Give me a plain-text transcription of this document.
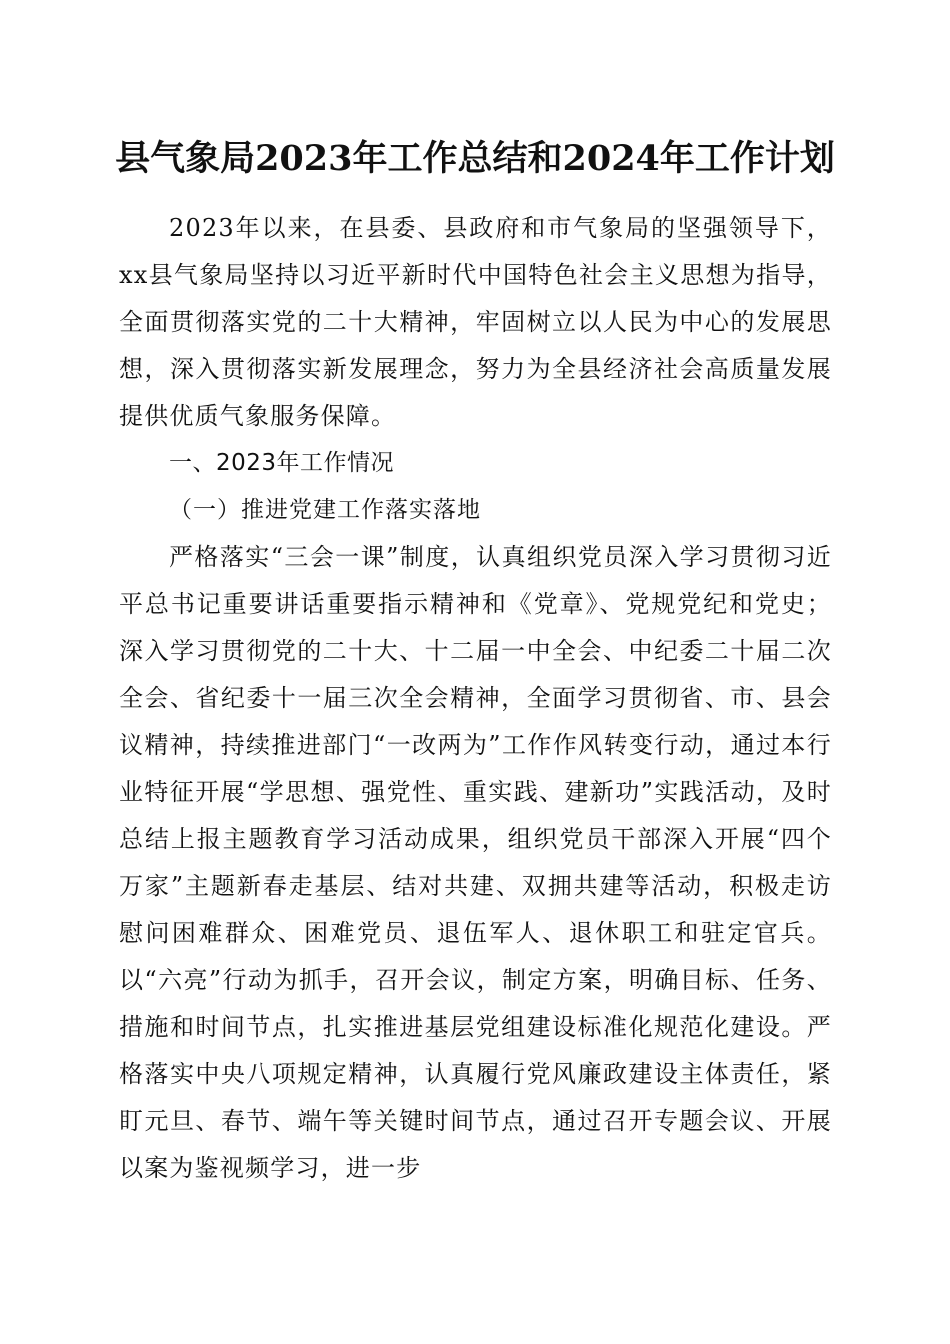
县气象局2023年工作总结和2024年工作计划

2023年以来，在县委、县政府和市气象局的坚强领导下，xx县气象局坚持以习近平新时代中国特色社会主义思想为指导，全面贯彻落实党的二十大精神，牢固树立以人民为中心的发展思想，深入贯彻落实新发展理念，努力为全县经济社会高质量发展提供优质气象服务保障。

一、2023年工作情况

（一）推进党建工作落实落地

严格落实“三会一课”制度，认真组织党员深入学习贯彻习近平总书记重要讲话重要指示精神和《党章》、党规党纪和党史；深入学习贯彻党的二十大、十二届一中全会、中纪委二十届二次全会、省纪委十一届三次全会精神，全面学习贯彻省、市、县会议精神，持续推进部门“一改两为”工作作风转变行动，通过本行业特征开展“学思想、强党性、重实践、建新功”实践活动，及时总结上报主题教育学习活动成果，组织党员干部深入开展“四个万家”主题新春走基层、结对共建、双拥共建等活动，积极走访慰问困难群众、困难党员、退伍军人、退休职工和驻定官兵。以“六亮”行动为抓手，召开会议，制定方案，明确目标、任务、措施和时间节点，扎实推进基层党组建设标准化规范化建设。严格落实中央八项规定精神，认真履行党风廉政建设主体责任，紧盯元旦、春节、端午等关键时间节点，通过召开专题会议、开展以案为鉴视频学习，进一步
